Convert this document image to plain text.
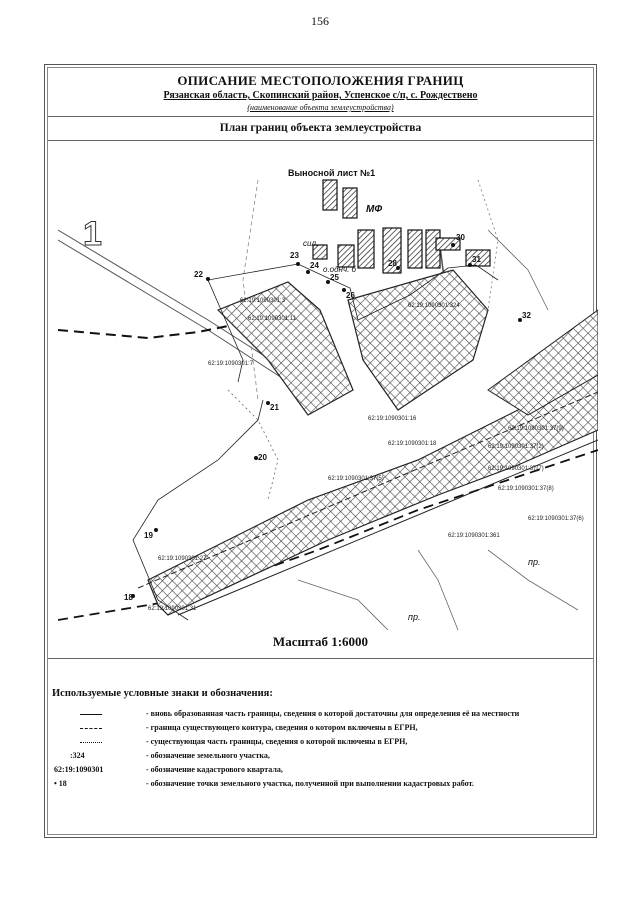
156
ОПИСАНИЕ МЕСТОПОЛОЖЕНИЯ ГРАНИЦ
Рязанская область, Скопинский район, Успенское с/п, с. Рождествено
(наименование объекта землеустройства)
План границ объекта землеустройства
22
23
24
25
26
28
30
31
32
21
20
19
18
62:19:1090301:3
62:19:1090301:7
62:19:1090301:11
62:19:1090301:324
62:19:1090301:16
62:19:1090301:18	62:19:1090301:37(2)
62:19:1090301:37(7)
62:19:1090301:37(8)
62:19:1090301:37(9)
62:19:1090301:37(5)
62:19:1090301:37(6)
62:19:1090301:27
62:19:1090301:31
62:19:1090301:361
Выносной лист №1
1
МФ
сил.
о.однч. б
пр.
пр.
Масштаб 1:6000
Используемые условные знаки и обозначения:
- вновь образованная часть границы, сведения о которой достаточны для определения её на местности
- граница существующего контура, сведения о котором включены в ЕГРН,
- существующая часть границы, сведения о которой включены в ЕГРН,
:324	- обозначение земельного участка,
62:19:1090301	- обозначение кадастрового квартала,
• 18	- обозначение точки земельного участка, полученной при выполнении кадастровых работ.
